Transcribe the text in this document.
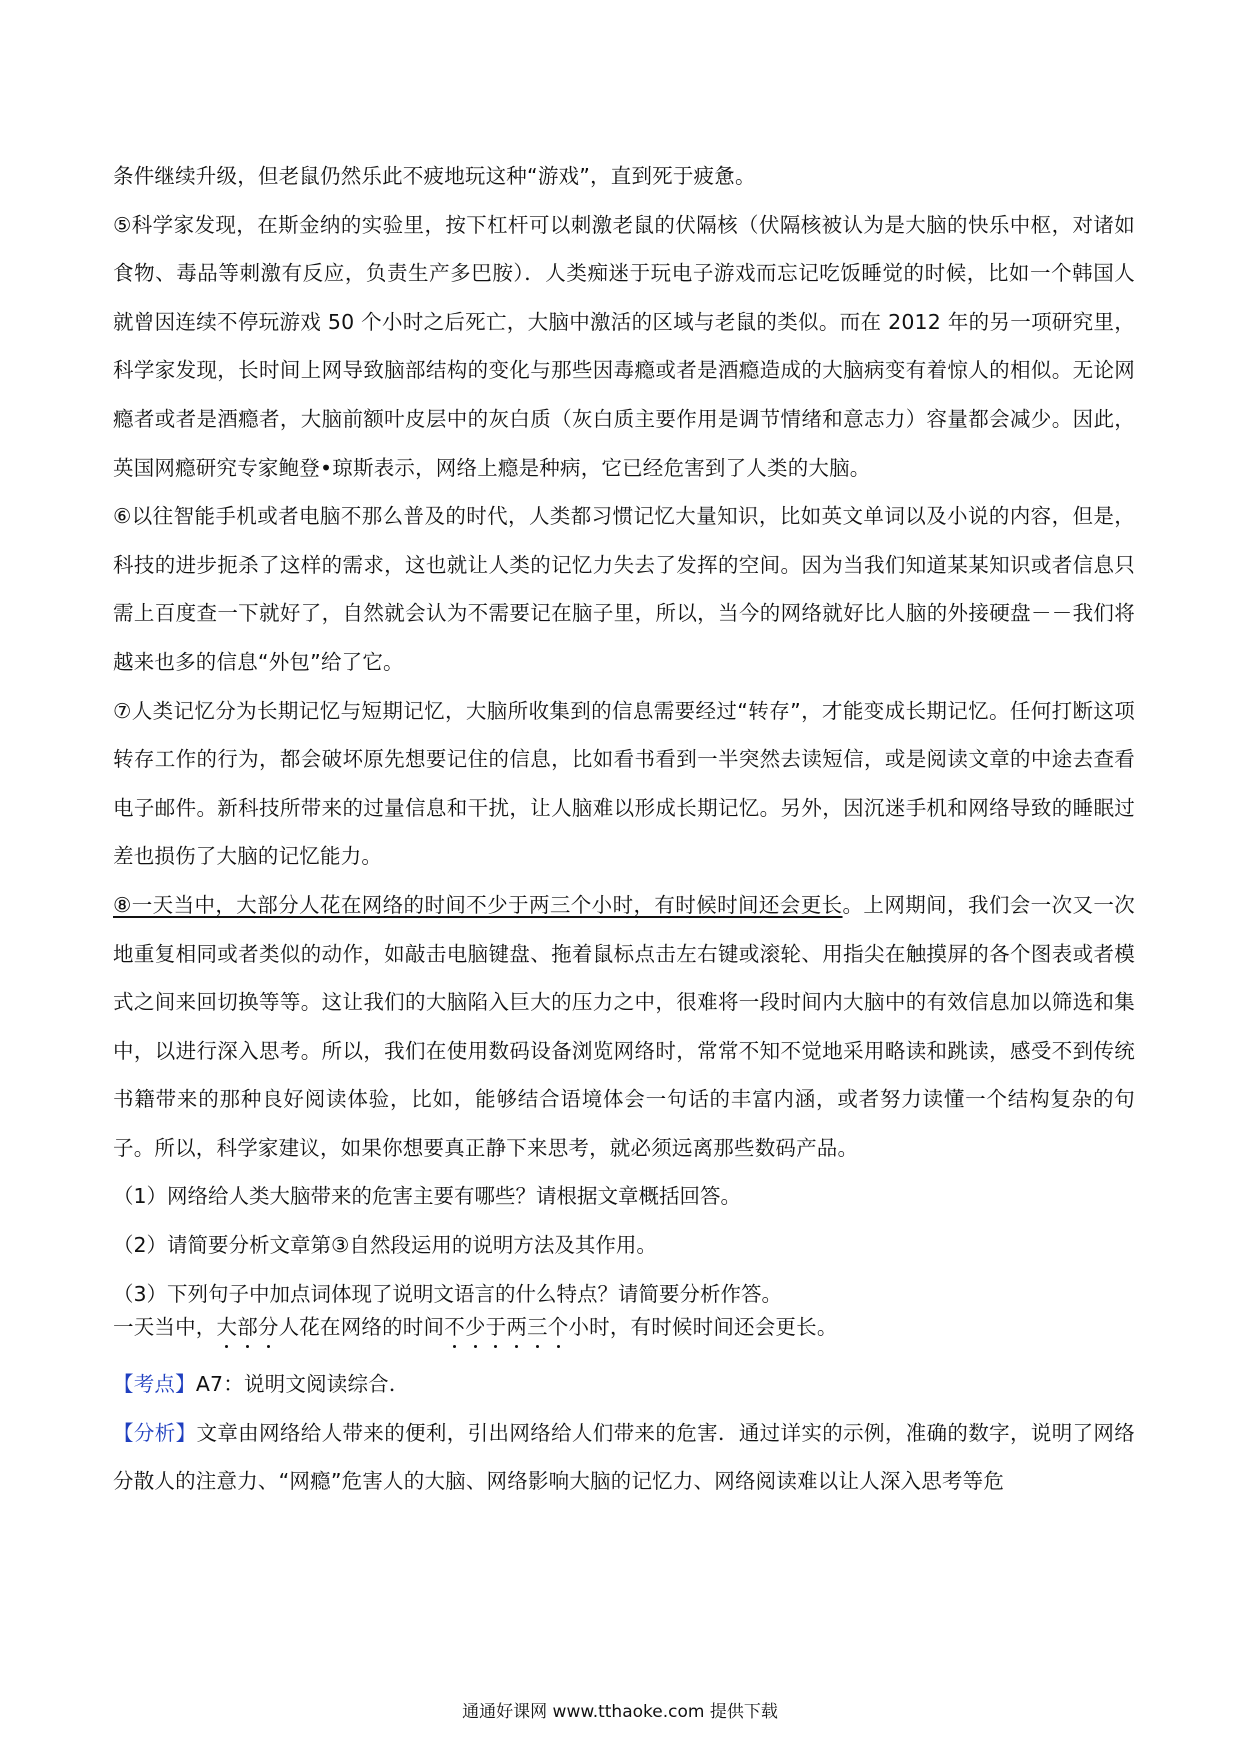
条件继续升级，但老鼠仍然乐此不疲地玩这种“游戏”，直到死于疲惫。

⑤科学家发现，在斯金纳的实验里，按下杠杆可以刺激老鼠的伏隔核（伏隔核被认为是大脑的快乐中枢，对诸如食物、毒品等刺激有反应，负责生产多巴胺）．人类痴迷于玩电子游戏而忘记吃饭睡觉的时候，比如一个韩国人就曾因连续不停玩游戏 50 个小时之后死亡，大脑中激活的区域与老鼠的类似。而在 2012 年的另一项研究里，科学家发现，长时间上网导致脑部结构的变化与那些因毒瘾或者是酒瘾造成的大脑病变有着惊人的相似。无论网瘾者或者是酒瘾者，大脑前额叶皮层中的灰白质（灰白质主要作用是调节情绪和意志力）容量都会减少。因此，英国网瘾研究专家鲍登•琼斯表示，网络上瘾是种病，它已经危害到了人类的大脑。

⑥以往智能手机或者电脑不那么普及的时代，人类都习惯记忆大量知识，比如英文单词以及小说的内容，但是，科技的进步扼杀了这样的需求，这也就让人类的记忆力失去了发挥的空间。因为当我们知道某某知识或者信息只需上百度查一下就好了，自然就会认为不需要记在脑子里，所以，当今的网络就好比人脑的外接硬盘－－我们将越来也多的信息“外包”给了它。

⑦人类记忆分为长期记忆与短期记忆，大脑所收集到的信息需要经过“转存”，才能变成长期记忆。任何打断这项转存工作的行为，都会破坏原先想要记住的信息，比如看书看到一半突然去读短信，或是阅读文章的中途去查看电子邮件。新科技所带来的过量信息和干扰，让人脑难以形成长期记忆。另外，因沉迷手机和网络导致的睡眠过差也损伤了大脑的记忆能力。

⑧一天当中，大部分人花在网络的时间不少于两三个小时，有时候时间还会更长。上网期间，我们会一次又一次地重复相同或者类似的动作，如敲击电脑键盘、拖着鼠标点击左右键或滚轮、用指尖在触摸屏的各个图表或者模式之间来回切换等等。这让我们的大脑陷入巨大的压力之中，很难将一段时间内大脑中的有效信息加以筛选和集中，以进行深入思考。所以，我们在使用数码设备浏览网络时，常常不知不觉地采用略读和跳读，感受不到传统书籍带来的那种良好阅读体验，比如，能够结合语境体会一句话的丰富内涵，或者努力读懂一个结构复杂的句子。所以，科学家建议，如果你想要真正静下来思考，就必须远离那些数码产品。

（1）网络给人类大脑带来的危害主要有哪些？请根据文章概括回答。

（2）请简要分析文章第③自然段运用的说明方法及其作用。

（3）下列句子中加点词体现了说明文语言的什么特点？请简要分析作答。

一天当中，大部分人花在网络的时间不少于两三个小时，有时候时间还会更长。

【考点】A7：说明文阅读综合．

【分析】文章由网络给人带来的便利，引出网络给人们带来的危害．通过详实的示例，准确的数字，说明了网络分散人的注意力、“网瘾”危害人的大脑、网络影响大脑的记忆力、网络阅读难以让人深入思考等危

通通好课网 www.tthaoke.com 提供下载
